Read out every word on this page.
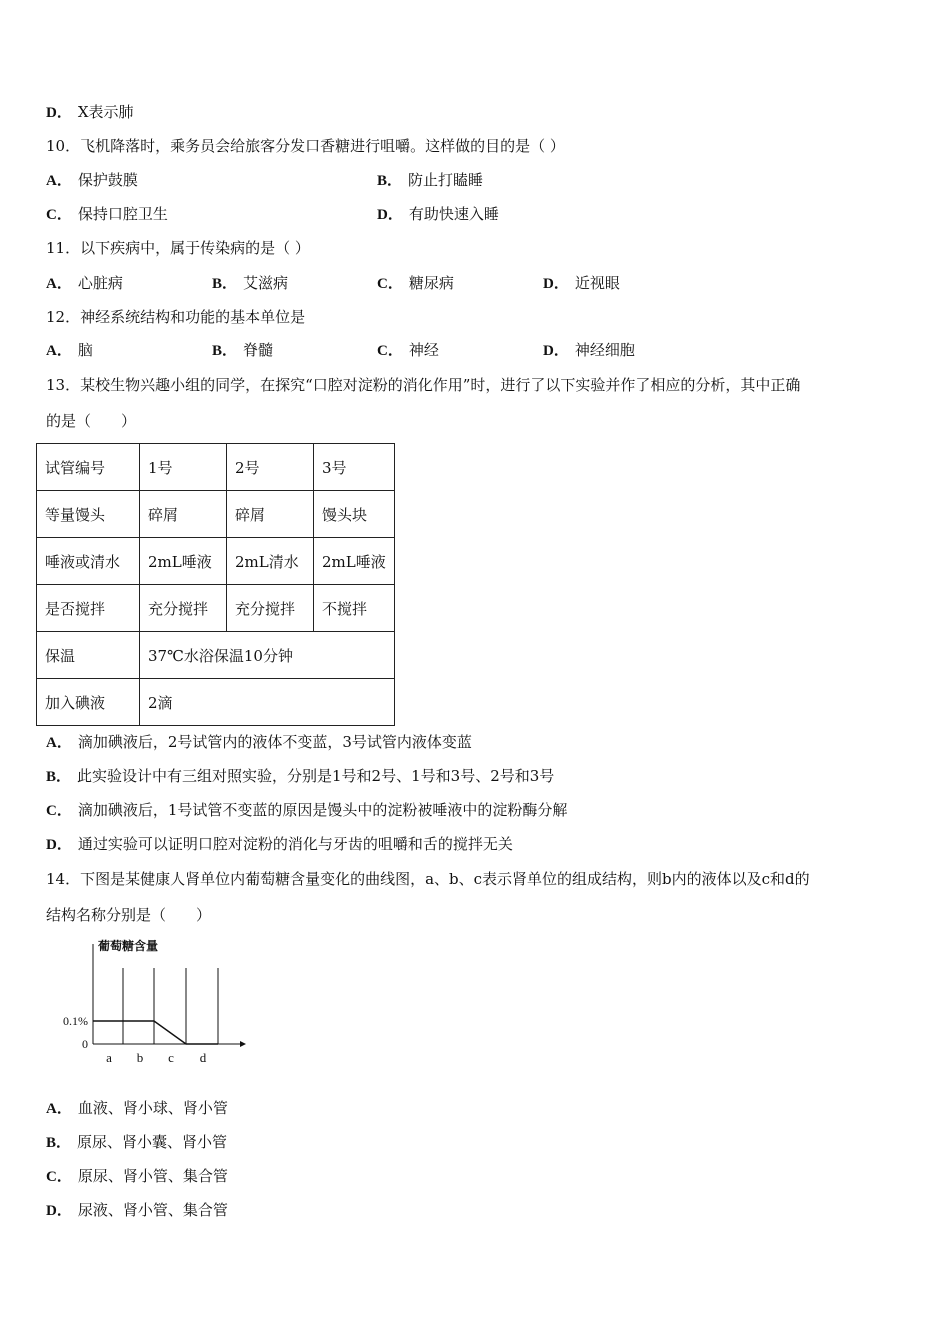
D． X表示肺
10．飞机降落时，乘务员会给旅客分发口香糖进行咀嚼。这样做的目的是（ ）
A． 保护鼓膜	B． 防止打瞌睡
C． 保持口腔卫生	D． 有助快速入睡
11．以下疾病中，属于传染病的是（ ）
A． 心脏病	B． 艾滋病	C． 糖尿病	D． 近视眼
12．神经系统结构和功能的基本单位是
A． 脑	B． 脊髓	C． 神经	D． 神经细胞
13．某校生物兴趣小组的同学，在探究“口腔对淀粉的消化作用”时，进行了以下实验并作了相应的分析，其中正确
的是（　　）
试管编号	1号	2号	3号
等量馒头	碎屑	碎屑	馒头块
唾液或清水	2mL唾液	2mL清水	2mL唾液
是否搅拌	充分搅拌	充分搅拌	不搅拌
保温	37℃水浴保温10分钟		
加入碘液	2滴		
A． 滴加碘液后，2号试管内的液体不变蓝，3号试管内液体变蓝
B． 此实验设计中有三组对照实验，分别是1号和2号、1号和3号、2号和3号
C． 滴加碘液后，1号试管不变蓝的原因是馒头中的淀粉被唾液中的淀粉酶分解
D． 通过实验可以证明口腔对淀粉的消化与牙齿的咀嚼和舌的搅拌无关
14．下图是某健康人肾单位内葡萄糖含量变化的曲线图，a、b、c表示肾单位的组成结构，则b内的液体以及c和d的
结构名称分别是（　　）
葡萄糖含量
0.1%
0
a b c d
A． 血液、肾小球、肾小管
B． 原尿、肾小囊、肾小管
C． 原尿、肾小管、集合管
D． 尿液、肾小管、集合管
